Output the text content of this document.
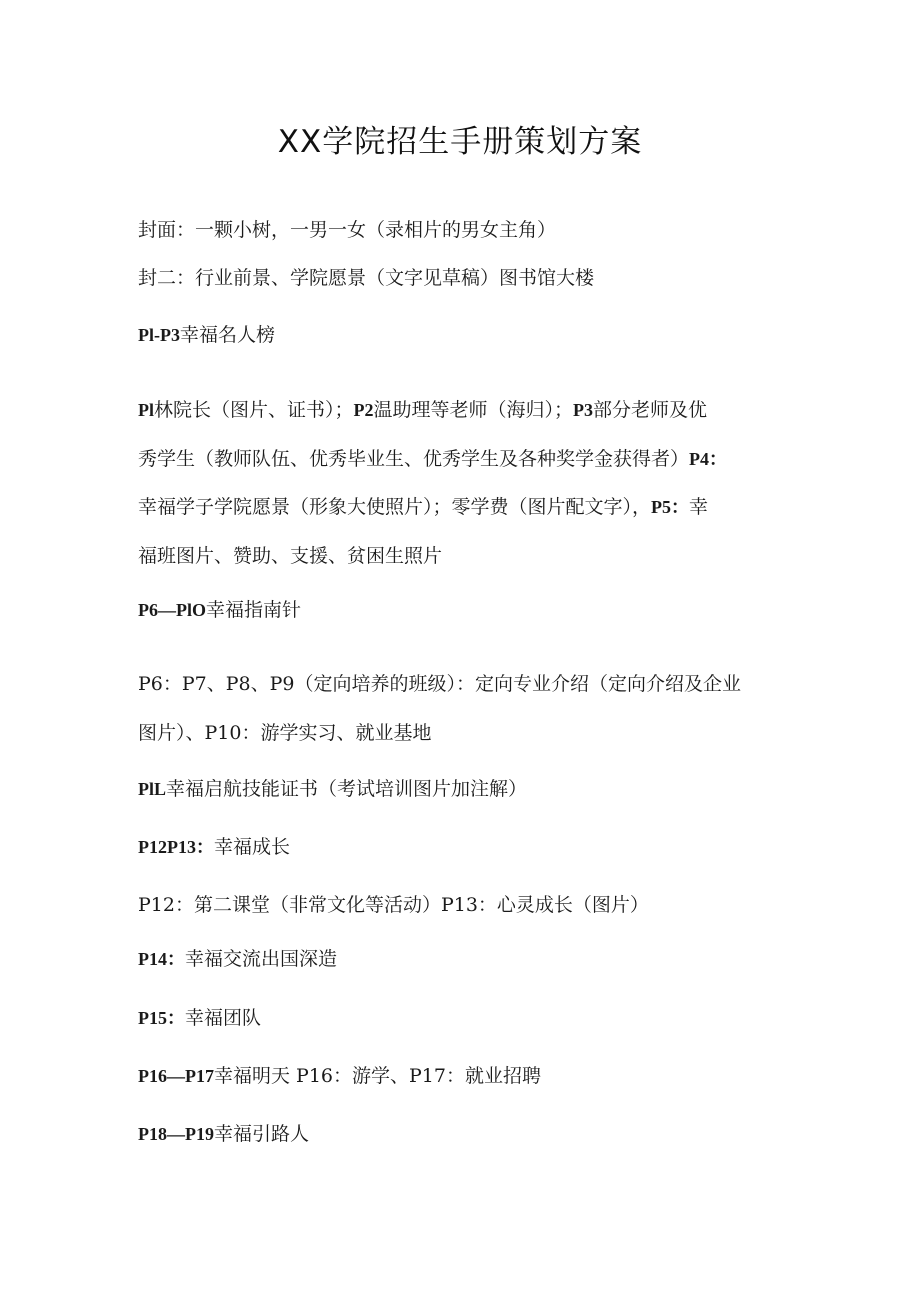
XX学院招生手册策划方案
封面：一颗小树，一男一女（录相片的男女主角）
封二：行业前景、学院愿景（文字见草稿）图书馆大楼
Pl-P3幸福名人榜
Pl林院长（图片、证书）；P2温助理等老师（海归）；P3部分老师及优
秀学生（教师队伍、优秀毕业生、优秀学生及各种奖学金获得者）P4：
幸福学子学院愿景（形象大使照片）；零学费（图片配文字），P5：幸
福班图片、赞助、支援、贫困生照片
P6—PlO幸福指南针
P6：P7、P8、P9（定向培养的班级）：定向专业介绍（定向介绍及企业
图片）、P10：游学实习、就业基地
PlL幸福启航技能证书（考试培训图片加注解）
P12P13：幸福成长
P12：第二课堂（非常文化等活动）P13：心灵成长（图片）
P14：幸福交流出国深造
P15：幸福团队
P16—P17幸福明天 P16：游学、P17：就业招聘
P18—P19幸福引路人
